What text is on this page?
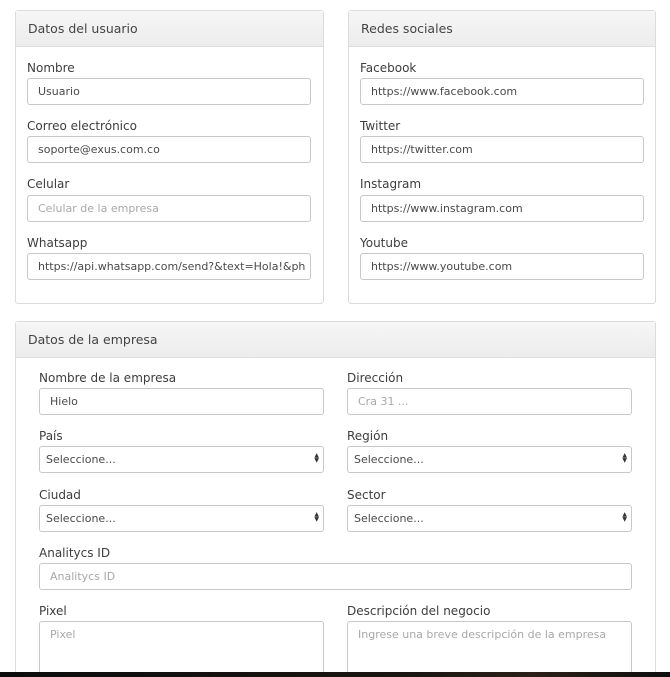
Datos del usuario
Nombre
Usuario
Correo electrónico
soporte@exus.com.co
Celular
Celular de la empresa
Whatsapp
https://api.whatsapp.com/send?&text=Hola!&ph
Redes sociales
Facebook
https://www.facebook.com
Twitter
https://twitter.com
Instagram
https://www.instagram.com
Youtube
https://www.youtube.com
Datos de la empresa
Nombre de la empresa
Hielo
Dirección
Cra 31 ...
País
Seleccione...	▲
▼
Región
Seleccione...	▲
▼
Ciudad
Seleccione...	▲
▼
Sector
Seleccione...	▲
▼
Analitycs ID
Analitycs ID
Pixel
Pixel
Descripción del negocio
Ingrese una breve descripción de la empresa
